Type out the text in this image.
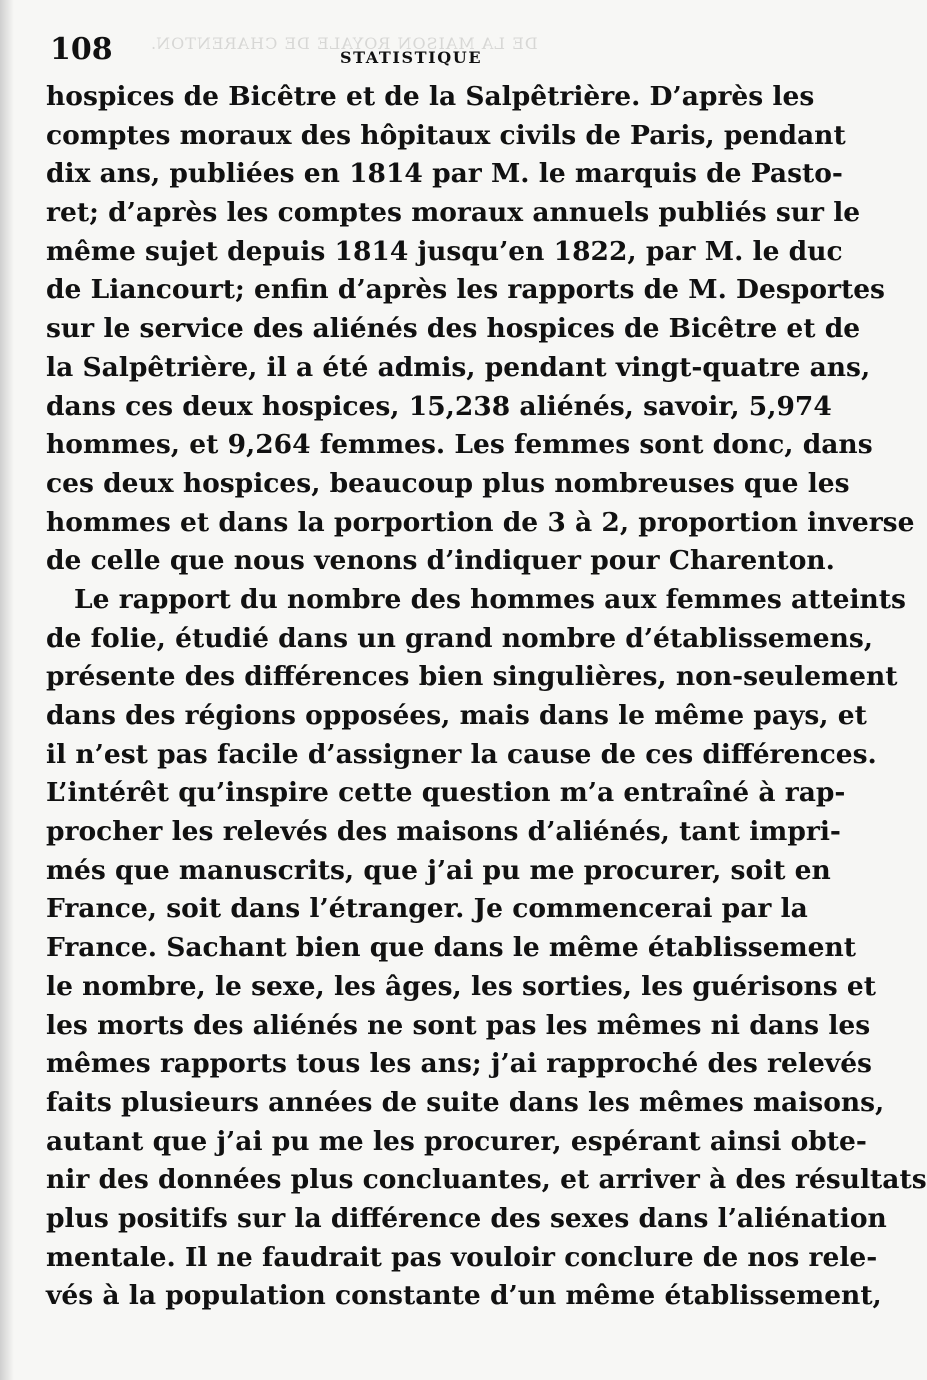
DE LA MAISON ROYALE DE CHARENTON.
108	STATISTIQUE
hospices de Bicêtre et de la Salpêtrière. D’après les
comptes moraux des hôpitaux civils de Paris, pendant
dix ans, publiées en 1814 par M. le marquis de Pasto-
ret; d’après les comptes moraux annuels publiés sur le
même sujet depuis 1814 jusqu’en 1822, par M. le duc
de Liancourt; enfin d’après les rapports de M. Desportes
sur le service des aliénés des hospices de Bicêtre et de
la Salpêtrière, il a été admis, pendant vingt-quatre ans,
dans ces deux hospices, 15,238 aliénés, savoir, 5,974
hommes, et 9,264 femmes. Les femmes sont donc, dans
ces deux hospices, beaucoup plus nombreuses que les
hommes et dans la porportion de 3 à 2, proportion inverse
de celle que nous venons d’indiquer pour Charenton.
Le rapport du nombre des hommes aux femmes atteints
de folie, étudié dans un grand nombre d’établissemens,
présente des différences bien singulières, non-seulement
dans des régions opposées, mais dans le même pays, et
il n’est pas facile d’assigner la cause de ces différences.
L’intérêt qu’inspire cette question m’a entraîné à rap-
procher les relevés des maisons d’aliénés, tant impri-
més que manuscrits, que j’ai pu me procurer, soit en
France, soit dans l’étranger. Je commencerai par la
France. Sachant bien que dans le même établissement
le nombre, le sexe, les âges, les sorties, les guérisons et
les morts des aliénés ne sont pas les mêmes ni dans les
mêmes rapports tous les ans; j’ai rapproché des relevés
faits plusieurs années de suite dans les mêmes maisons,
autant que j’ai pu me les procurer, espérant ainsi obte-
nir des données plus concluantes, et arriver à des résultats
plus positifs sur la différence des sexes dans l’aliénation
mentale. Il ne faudrait pas vouloir conclure de nos rele-
vés à la population constante d’un même établissement,
